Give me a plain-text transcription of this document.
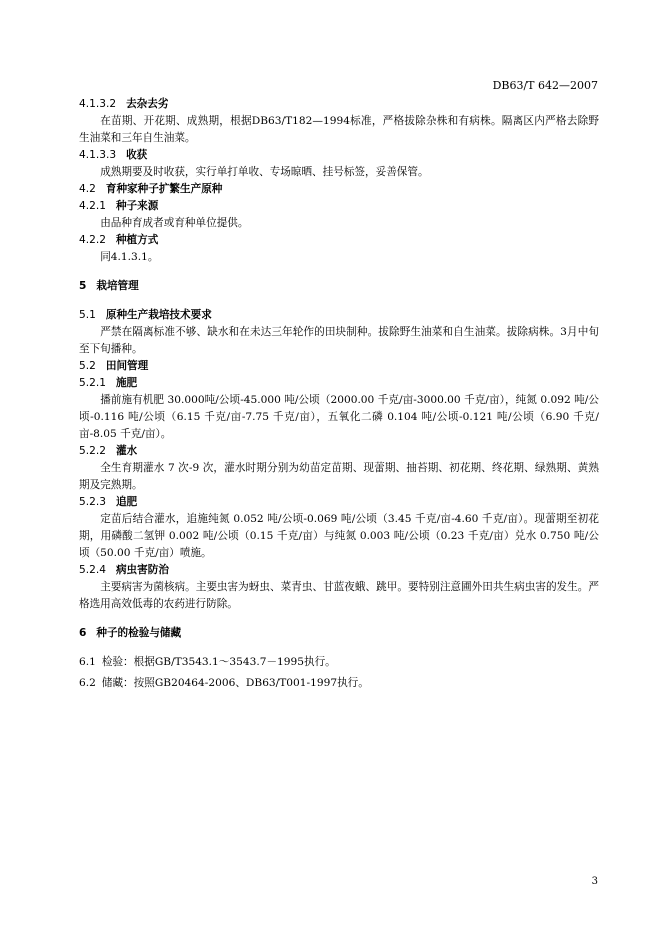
DB63/T 642—2007

4.1.3.2 去杂去劣

在苗期、开花期、成熟期，根据DB63/T182—1994标准，严格拔除杂株和有病株。隔离区内严格去除野生油菜和三年自生油菜。

4.1.3.3 收获

成熟期要及时收获，实行单打单收、专场晾晒、挂号标签，妥善保管。

4.2 育种家种子扩繁生产原种

4.2.1 种子来源

由品种育成者或育种单位提供。

4.2.2 种植方式

同4.1.3.1。

5 栽培管理

5.1 原种生产栽培技术要求

严禁在隔离标准不够、缺水和在未达三年轮作的田块制种。拔除野生油菜和自生油菜。拔除病株。3月中旬至下旬播种。

5.2 田间管理

5.2.1 施肥

播前施有机肥 30.000吨/公顷-45.000 吨/公顷（2000.00 千克/亩-3000.00 千克/亩），纯氮 0.092 吨/公顷-0.116 吨/公顷（6.15 千克/亩-7.75 千克/亩），五氧化二磷 0.104 吨/公顷-0.121 吨/公顷（6.90 千克/亩-8.05 千克/亩）。

5.2.2 灌水

全生育期灌水 7 次-9 次，灌水时期分别为幼苗定苗期、现蕾期、抽苔期、初花期、终花期、绿熟期、黄熟期及完熟期。

5.2.3 追肥

定苗后结合灌水，追施纯氮 0.052 吨/公顷-0.069 吨/公顷（3.45 千克/亩-4.60 千克/亩）。现蕾期至初花期，用磷酸二氢钾 0.002 吨/公顷（0.15 千克/亩）与纯氮 0.003 吨/公顷（0.23 千克/亩）兑水 0.750 吨/公顷（50.00 千克/亩）喷施。

5.2.4 病虫害防治

主要病害为菌核病。主要虫害为蚜虫、菜青虫、甘蓝夜蛾、跳甲。要特别注意圃外田共生病虫害的发生。严格选用高效低毒的农药进行防除。

6 种子的检验与储藏

6.1 检验：根据GB/T3543.1～3543.7－1995执行。

6.2 储藏：按照GB20464-2006、DB63/T001-1997执行。

3
